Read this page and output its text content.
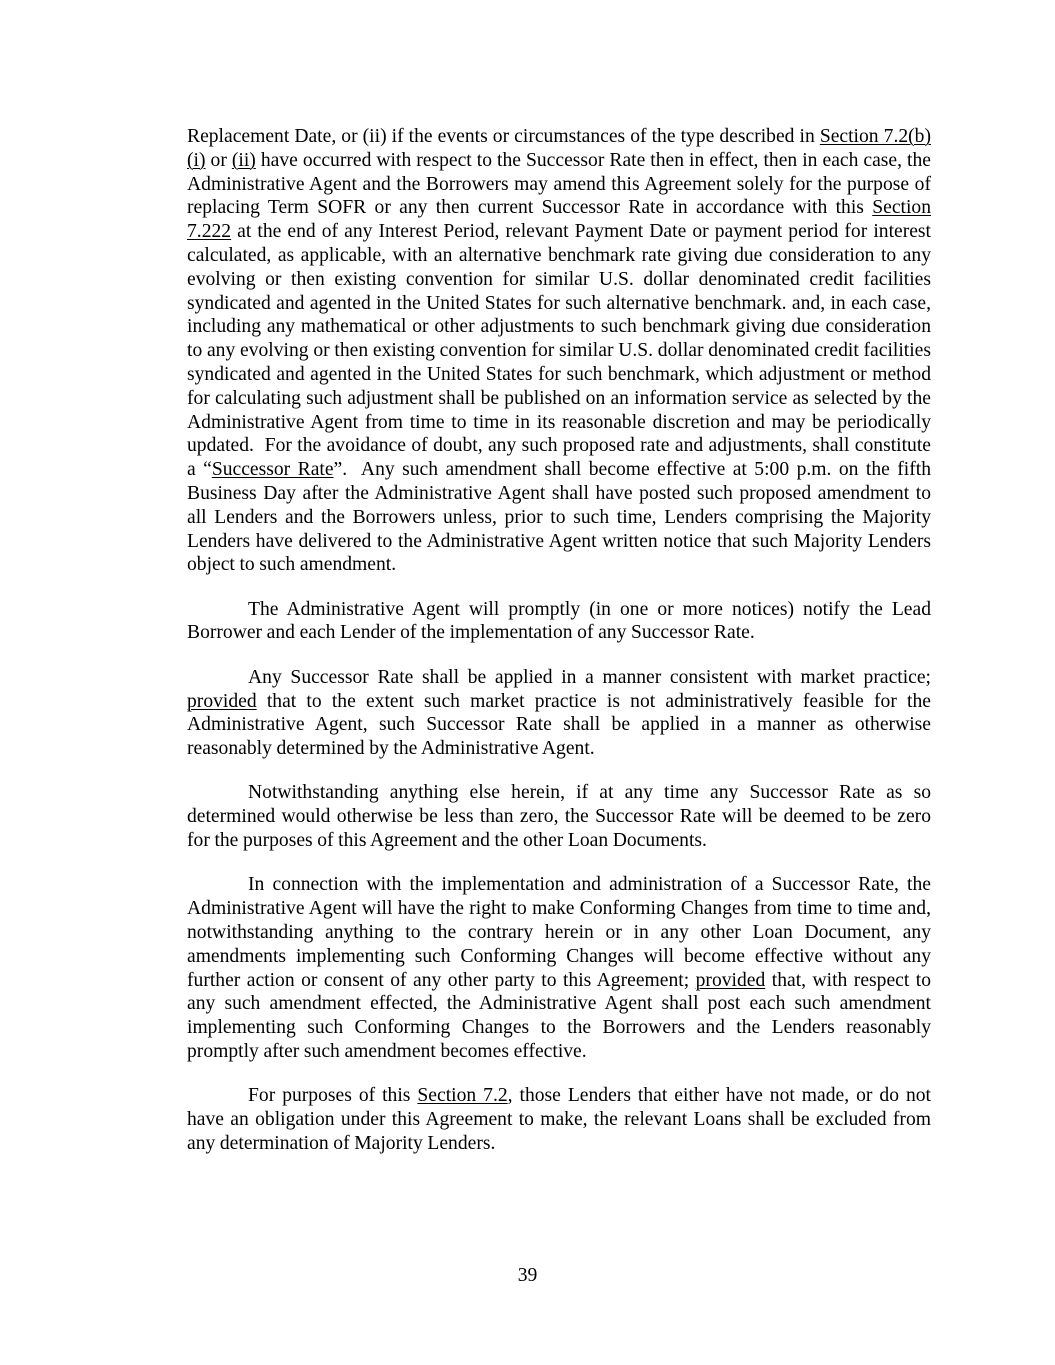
Replacement Date, or (ii) if the events or circumstances of the type described in Section 7.2(b)(i) or (ii) have occurred with respect to the Successor Rate then in effect, then in each case, the Administrative Agent and the Borrowers may amend this Agreement solely for the purpose of replacing Term SOFR or any then current Successor Rate in accordance with this Section 7.222 at the end of any Interest Period, relevant Payment Date or payment period for interest calculated, as applicable, with an alternative benchmark rate giving due consideration to any evolving or then existing convention for similar U.S. dollar denominated credit facilities syndicated and agented in the United States for such alternative benchmark. and, in each case, including any mathematical or other adjustments to such benchmark giving due consideration to any evolving or then existing convention for similar U.S. dollar denominated credit facilities syndicated and agented in the United States for such benchmark, which adjustment or method for calculating such adjustment shall be published on an information service as selected by the Administrative Agent from time to time in its reasonable discretion and may be periodically updated.  For the avoidance of doubt, any such proposed rate and adjustments, shall constitute a “Successor Rate”.  Any such amendment shall become effective at 5:00 p.m. on the fifth Business Day after the Administrative Agent shall have posted such proposed amendment to all Lenders and the Borrowers unless, prior to such time, Lenders comprising the Majority Lenders have delivered to the Administrative Agent written notice that such Majority Lenders object to such amendment.

The Administrative Agent will promptly (in one or more notices) notify the Lead Borrower and each Lender of the implementation of any Successor Rate.

Any Successor Rate shall be applied in a manner consistent with market practice; provided that to the extent such market practice is not administratively feasible for the Administrative Agent, such Successor Rate shall be applied in a manner as otherwise reasonably determined by the Administrative Agent.

Notwithstanding anything else herein, if at any time any Successor Rate as so determined would otherwise be less than zero, the Successor Rate will be deemed to be zero for the purposes of this Agreement and the other Loan Documents.

In connection with the implementation and administration of a Successor Rate, the Administrative Agent will have the right to make Conforming Changes from time to time and, notwithstanding anything to the contrary herein or in any other Loan Document, any amendments implementing such Conforming Changes will become effective without any further action or consent of any other party to this Agreement; provided that, with respect to any such amendment effected, the Administrative Agent shall post each such amendment implementing such Conforming Changes to the Borrowers and the Lenders reasonably promptly after such amendment becomes effective.

For purposes of this Section 7.2, those Lenders that either have not made, or do not have an obligation under this Agreement to make, the relevant Loans shall be excluded from any determination of Majority Lenders.

39
